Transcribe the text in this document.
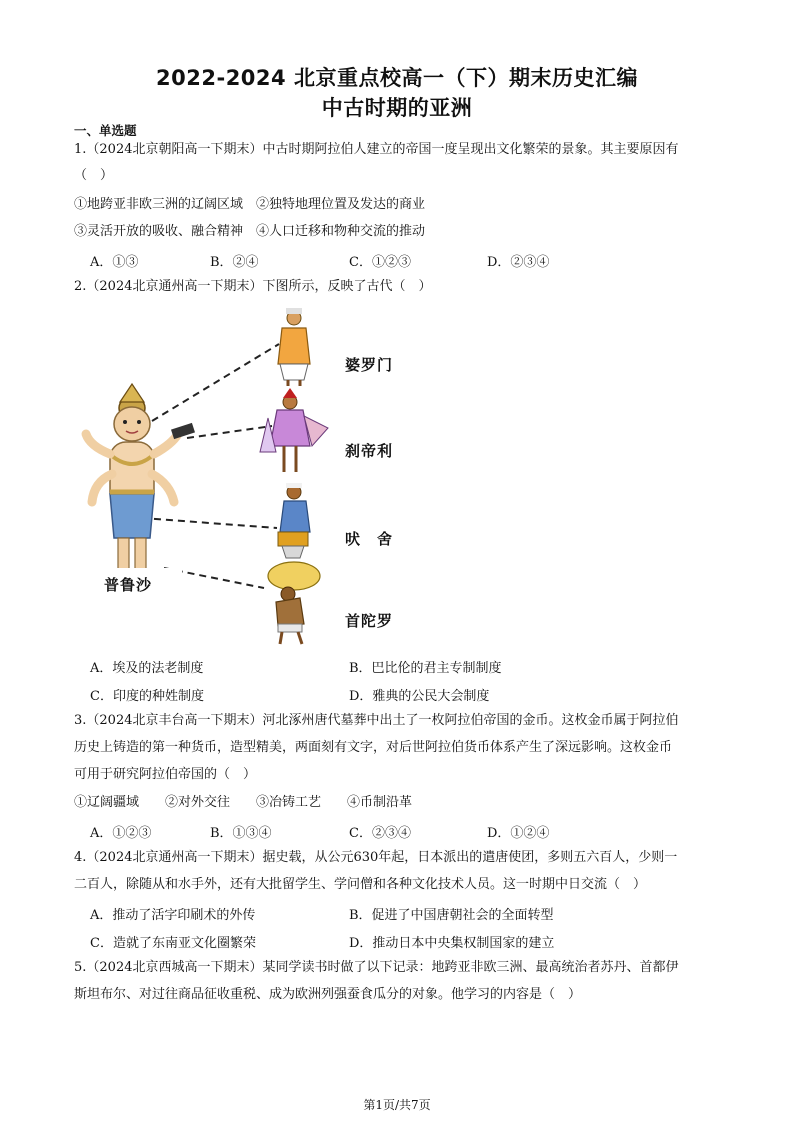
2022-2024 北京重点校高一（下）期末历史汇编
中古时期的亚洲
一、单选题
1.（2024北京朝阳高一下期末）中古时期阿拉伯人建立的帝国一度呈现出文化繁荣的景象。其主要原因有
（　）
①地跨亚非欧三洲的辽阔区域　②独特地理位置及发达的商业
③灵活开放的吸收、融合精神　④人口迁移和物种交流的推动
A．①③	B．②④	C．①②③	D．②③④
2.（2024北京通州高一下期末）下图所示，反映了古代（　）
普鲁沙
婆罗门
刹帝利
吠　舍
首陀罗
A．埃及的法老制度	B．巴比伦的君主专制制度
C．印度的种姓制度	D．雅典的公民大会制度
3.（2024北京丰台高一下期末）河北涿州唐代墓葬中出土了一枚阿拉伯帝国的金币。这枚金币属于阿拉伯
历史上铸造的第一种货币，造型精美，两面刻有文字，对后世阿拉伯货币体系产生了深远影响。这枚金币
可用于研究阿拉伯帝国的（　）
①辽阔疆域　　②对外交往　　③冶铸工艺　　④币制沿革
A．①②③	B．①③④	C．②③④	D．①②④
4.（2024北京通州高一下期末）据史载，从公元630年起，日本派出的遣唐使团，多则五六百人，少则一
二百人，除随从和水手外，还有大批留学生、学问僧和各种文化技术人员。这一时期中日交流（　）
A．推动了活字印刷术的外传	B．促进了中国唐朝社会的全面转型
C．造就了东南亚文化圈繁荣	D．推动日本中央集权制国家的建立
5.（2024北京西城高一下期末）某同学读书时做了以下记录：地跨亚非欧三洲、最高统治者苏丹、首都伊
斯坦布尔、对过往商品征收重税、成为欧洲列强蚕食瓜分的对象。他学习的内容是（　）
第1页/共7页
